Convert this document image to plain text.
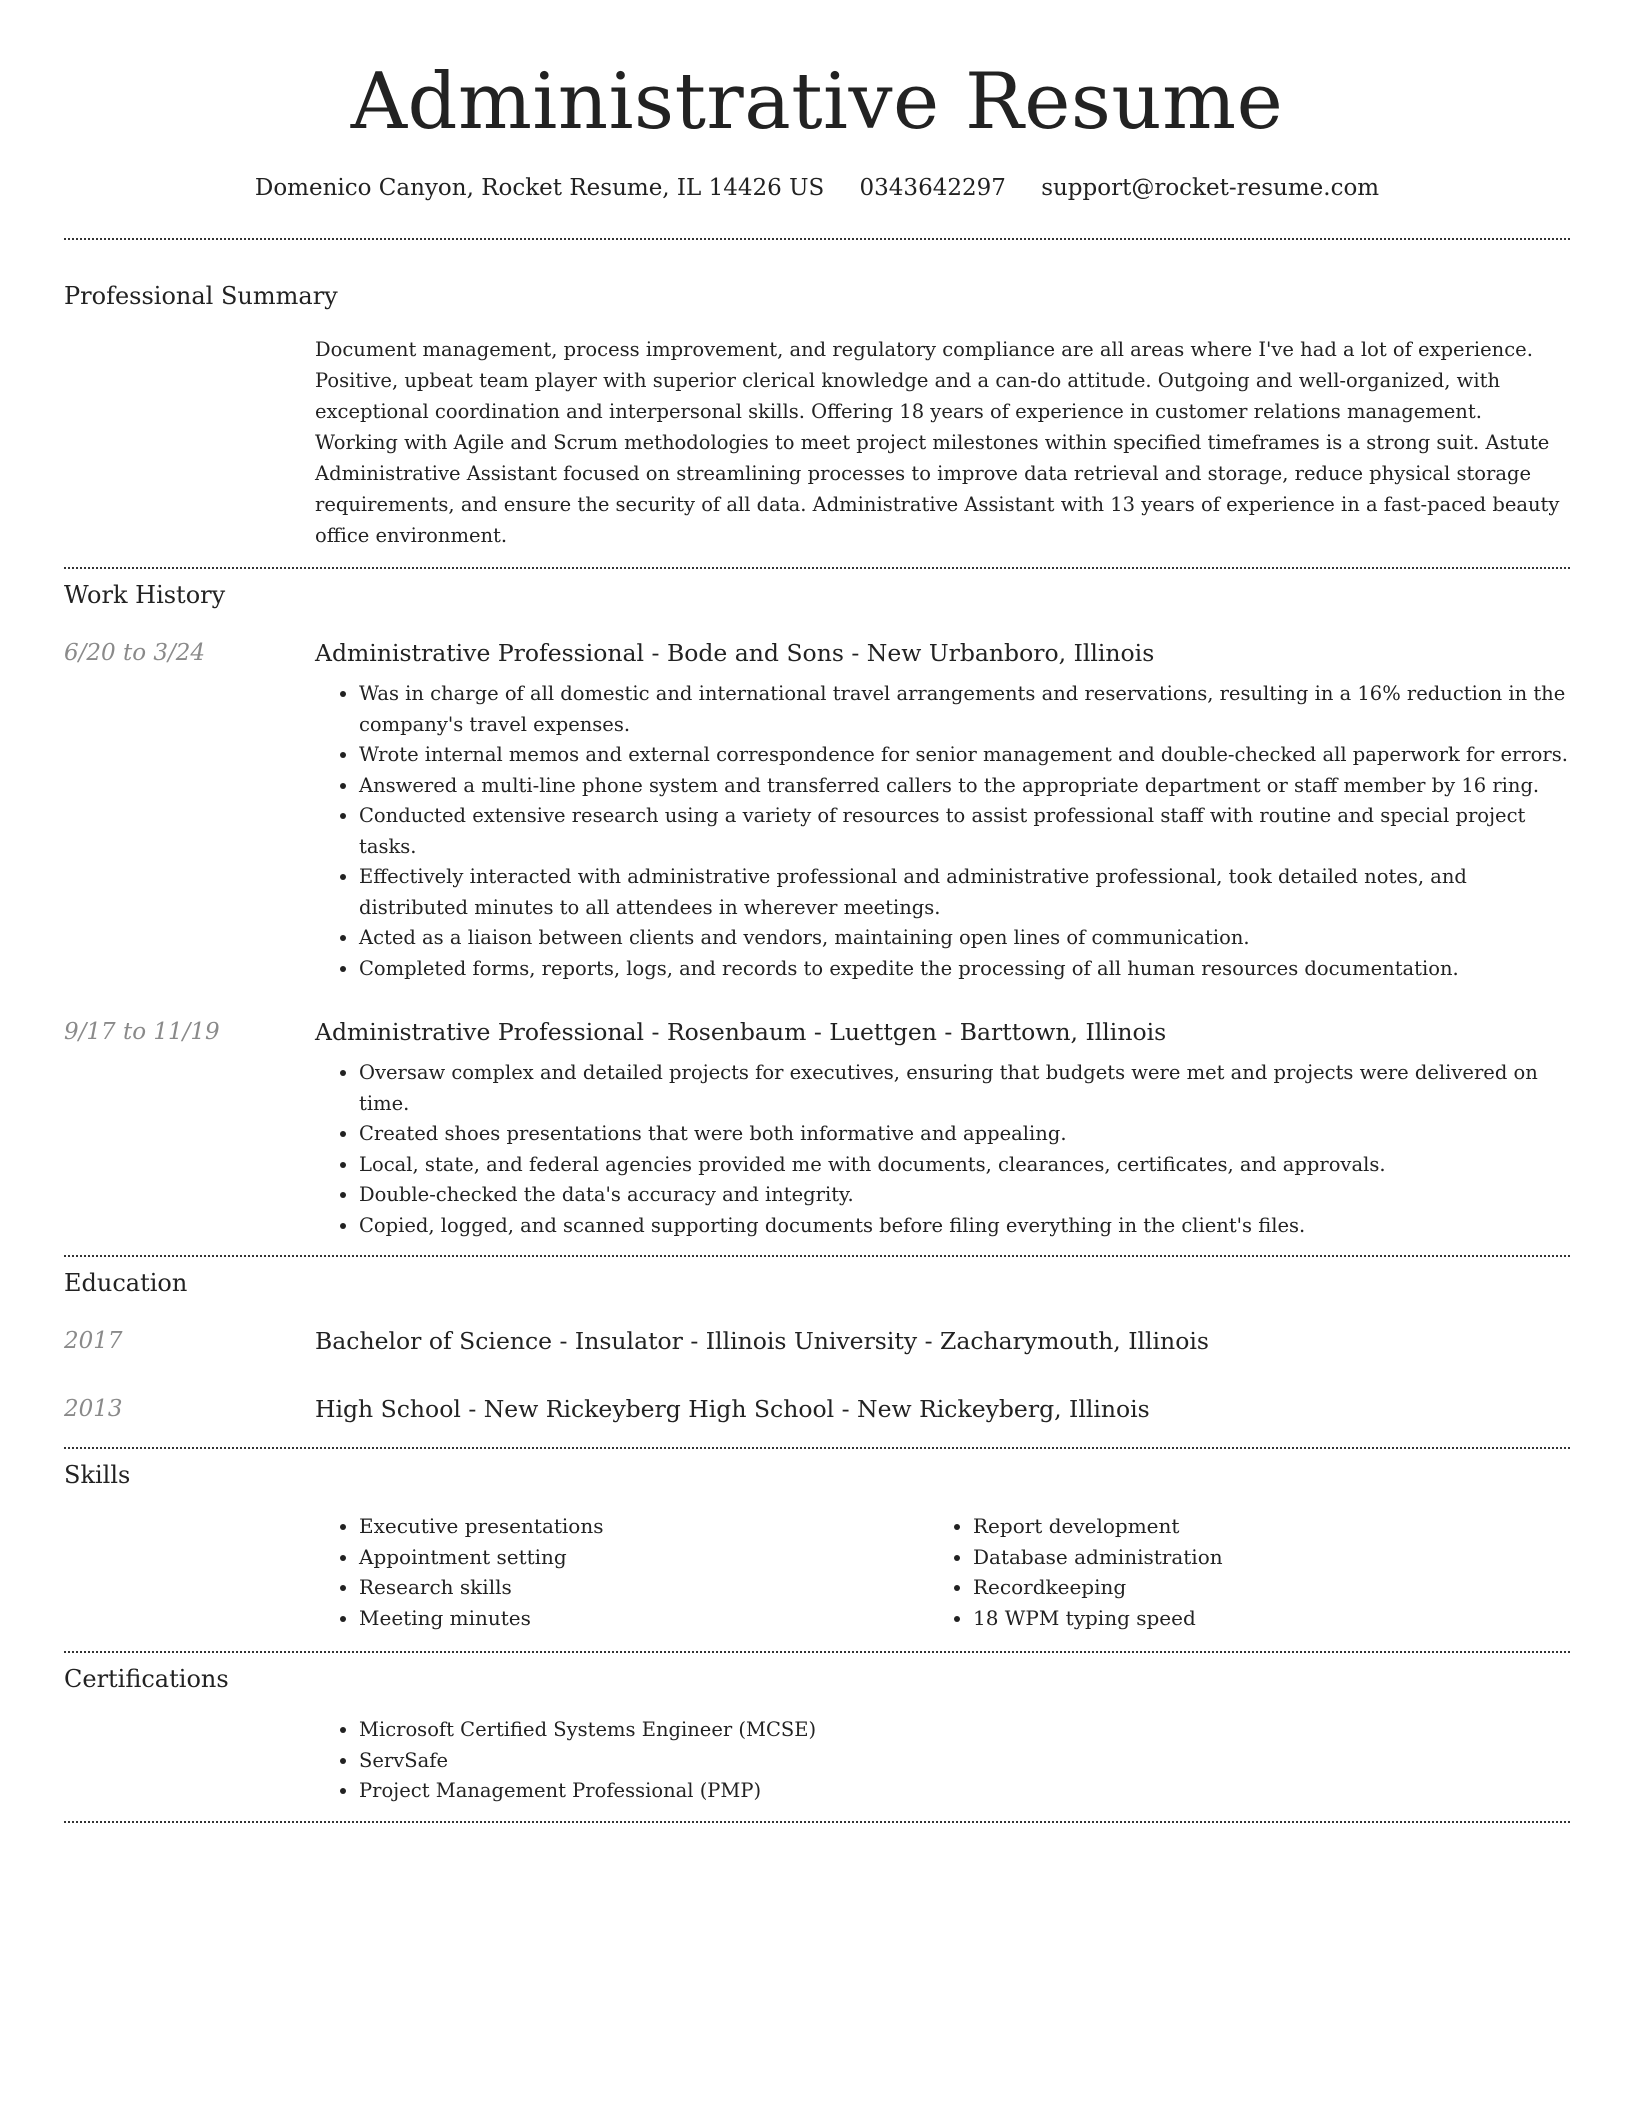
Administrative Resume
Domenico Canyon, Rocket Resume, IL 14426 US 0343642297 support@rocket-resume.com
Professional Summary

Document management, process improvement, and regulatory compliance are all areas where I've had a lot of experience. Positive, upbeat team player with superior clerical knowledge and a can-do attitude. Outgoing and well-organized, with exceptional coordination and interpersonal skills. Offering 18 years of experience in customer relations management. Working with Agile and Scrum methodologies to meet project milestones within specified timeframes is a strong suit. Astute Administrative Assistant focused on streamlining processes to improve data retrieval and storage, reduce physical storage requirements, and ensure the security of all data. Administrative Assistant with 13 years of experience in a fast-paced beauty office environment.

Work History
6/20 to 3/24	Administrative Professional - Bode and Sons - New Urbanboro, Illinois
• Was in charge of all domestic and international travel arrangements and reservations, resulting in a 16% reduction in the company's travel expenses.
• Wrote internal memos and external correspondence for senior management and double-checked all paperwork for errors.
• Answered a multi-line phone system and transferred callers to the appropriate department or staff member by 16 ring.
• Conducted extensive research using a variety of resources to assist professional staff with routine and special project tasks.
• Effectively interacted with administrative professional and administrative professional, took detailed notes, and distributed minutes to all attendees in wherever meetings.
• Acted as a liaison between clients and vendors, maintaining open lines of communication.
• Completed forms, reports, logs, and records to expedite the processing of all human resources documentation.
9/17 to 11/19	Administrative Professional - Rosenbaum - Luettgen - Barttown, Illinois
• Oversaw complex and detailed projects for executives, ensuring that budgets were met and projects were delivered on time.
• Created shoes presentations that were both informative and appealing.
• Local, state, and federal agencies provided me with documents, clearances, certificates, and approvals.
• Double-checked the data's accuracy and integrity.
• Copied, logged, and scanned supporting documents before filing everything in the client's files.
Education
2017	Bachelor of Science - Insulator - Illinois University - Zacharymouth, Illinois
2013	High School - New Rickeyberg High School - New Rickeyberg, Illinois
Skills
• Executive presentations
• Appointment setting
• Research skills
• Meeting minutes
• Report development
• Database administration
• Recordkeeping
• 18 WPM typing speed
Certifications
• Microsoft Certified Systems Engineer (MCSE)
• ServSafe
• Project Management Professional (PMP)
